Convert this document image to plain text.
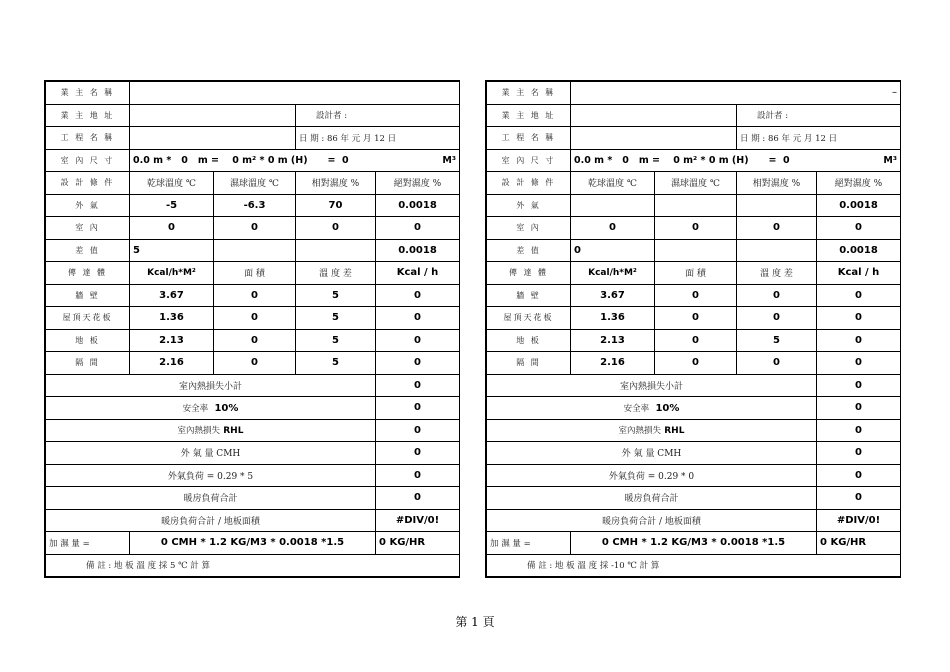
業 主 名 稱				
業 主 地 址			設計者 :	
工 程 名 稱			日 期 : 86 年 元 月 12 日	
室 內 尺 寸	0.0 m * 0 m = 0 m² * 0 m (H) = 0 M³			

設 計 條 件	乾球溫度 ℃	濕球溫度 ℃	相對濕度 %	絕對濕度 %
外 氣	-5	-6.3	70	0.0018
室 內	0	0	0	0
差 值	5			0.0018
傳 達 體	Kcal/h*M²	面 積	溫 度 差	Kcal / h
牆 壁	3.67	0	5	0
屋頂天花板	1.36	0	5	0
地 板	2.13	0	5	0
隔 間	2.16	0	5	0
室內熱損失小計				0
安全率 10%				0
室內熱損失 RHL				0
外 氣 量 CMH				0
外氣負荷 = 0.29 * 5				0
暖房負荷合計				0
暖房負荷合計 / 地板面積				#DIV/0!
加 濕 量 =	0 CMH * 1.2 KG/M3 * 0.0018 *1.5			0 KG/HR
備 註 : 地 板 溫 度 採 5 ℃ 計 算				
業 主 名 稱	–			
業 主 地 址			設計者 :	
工 程 名 稱			日 期 : 86 年 元 月 12 日	
室 內 尺 寸	0.0 m * 0 m = 0 m² * 0 m (H) = 0 M³			

設 計 條 件	乾球溫度 ℃	濕球溫度 ℃	相對濕度 %	絕對濕度 %
外 氣				0.0018
室 內	0	0	0	0
差 值	0			0.0018
傳 達 體	Kcal/h*M²	面 積	溫 度 差	Kcal / h
牆 壁	3.67	0	0	0
屋頂天花板	1.36	0	0	0
地 板	2.13	0	5	0
隔 間	2.16	0	0	0
室內熱損失小計				0
安全率 10%				0
室內熱損失 RHL				0
外 氣 量 CMH				0
外氣負荷 = 0.29 * 0				0
暖房負荷合計				0
暖房負荷合計 / 地板面積				#DIV/0!
加 濕 量 =	0 CMH * 1.2 KG/M3 * 0.0018 *1.5			0 KG/HR
備 註 : 地 板 溫 度 採 -10 ℃ 計 算				
第 1 頁
